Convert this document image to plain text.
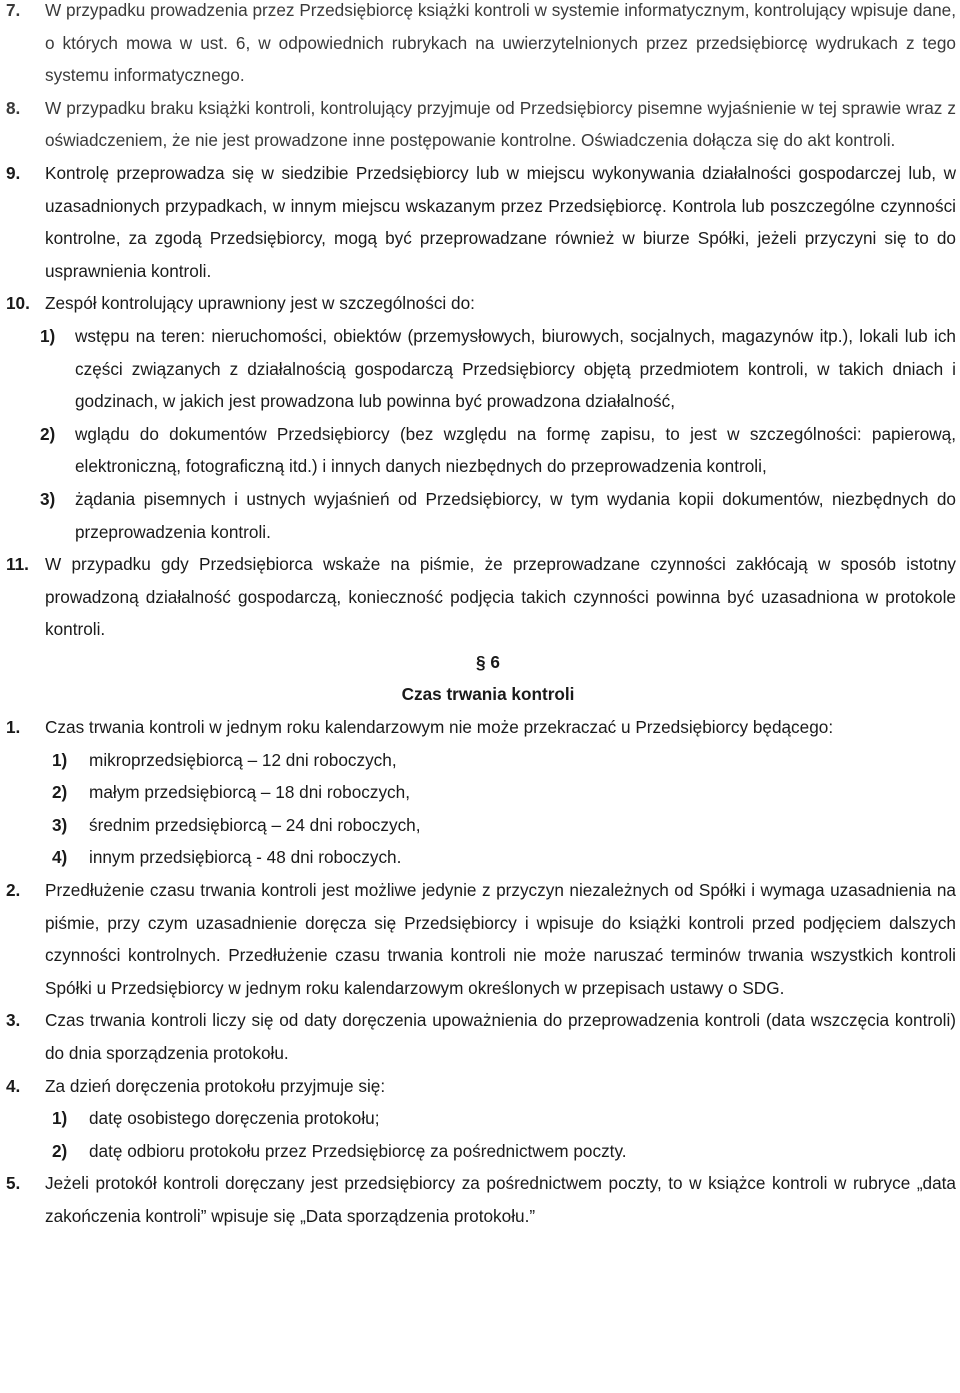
7. W przypadku prowadzenia przez Przedsiębiorcę książki kontroli w systemie informatycznym, kontrolujący wpisuje dane, o których mowa w ust. 6, w odpowiednich rubrykach na uwierzytelnionych przez przedsiębiorcę wydrukach z tego systemu informatycznego.
8. W przypadku braku książki kontroli, kontrolujący przyjmuje od Przedsiębiorcy pisemne wyjaśnienie w tej sprawie wraz z oświadczeniem, że nie jest prowadzone inne postępowanie kontrolne. Oświadczenia dołącza się do akt kontroli.
9. Kontrolę przeprowadza się w siedzibie Przedsiębiorcy lub w miejscu wykonywania działalności gospodarczej lub, w uzasadnionych przypadkach, w innym miejscu wskazanym przez Przedsiębiorcę. Kontrola lub poszczególne czynności kontrolne, za zgodą Przedsiębiorcy, mogą być przeprowadzane również w biurze Spółki, jeżeli przyczyni się to do usprawnienia kontroli.
10. Zespół kontrolujący uprawniony jest w szczególności do:
1) wstępu na teren: nieruchomości, obiektów (przemysłowych, biurowych, socjalnych, magazynów itp.), lokali lub ich części związanych z działalnością gospodarczą Przedsiębiorcy objętą przedmiotem kontroli, w takich dniach i godzinach, w jakich jest prowadzona lub powinna być prowadzona działalność,
2) wglądu do dokumentów Przedsiębiorcy (bez względu na formę zapisu, to jest w szczególności: papierową, elektroniczną, fotograficzną itd.) i innych danych niezbędnych do przeprowadzenia kontroli,
3) żądania pisemnych i ustnych wyjaśnień od Przedsiębiorcy, w tym wydania kopii dokumentów, niezbędnych do przeprowadzenia kontroli.
11. W przypadku gdy Przedsiębiorca wskaże na piśmie, że przeprowadzane czynności zakłócają w sposób istotny prowadzoną działalność gospodarczą, konieczność podjęcia takich czynności powinna być uzasadniona w protokole kontroli.
§ 6
Czas trwania kontroli
1. Czas trwania kontroli w jednym roku kalendarzowym nie może przekraczać u Przedsiębiorcy będącego:
1) mikroprzedsiębiorcą – 12 dni roboczych,
2) małym przedsiębiorcą – 18 dni roboczych,
3) średnim przedsiębiorcą – 24 dni roboczych,
4) innym przedsiębiorcą - 48 dni roboczych.
2. Przedłużenie czasu trwania kontroli jest możliwe jedynie z przyczyn niezależnych od Spółki i wymaga uzasadnienia na piśmie, przy czym uzasadnienie doręcza się Przedsiębiorcy i wpisuje do książki kontroli przed podjęciem dalszych czynności kontrolnych. Przedłużenie czasu trwania kontroli nie może naruszać terminów trwania wszystkich kontroli Spółki u Przedsiębiorcy w jednym roku kalendarzowym określonych w przepisach ustawy o SDG.
3. Czas trwania kontroli liczy się od daty doręczenia upoważnienia do przeprowadzenia kontroli (data wszczęcia kontroli) do dnia sporządzenia protokołu.
4. Za dzień doręczenia protokołu przyjmuje się:
1) datę osobistego doręczenia protokołu;
2) datę odbioru protokołu przez Przedsiębiorcę za pośrednictwem poczty.
5. Jeżeli protokół kontroli doręczany jest przedsiębiorcy za pośrednictwem poczty, to w książce kontroli w rubryce „data zakończenia kontroli” wpisuje się „Data sporządzenia protokołu.”
